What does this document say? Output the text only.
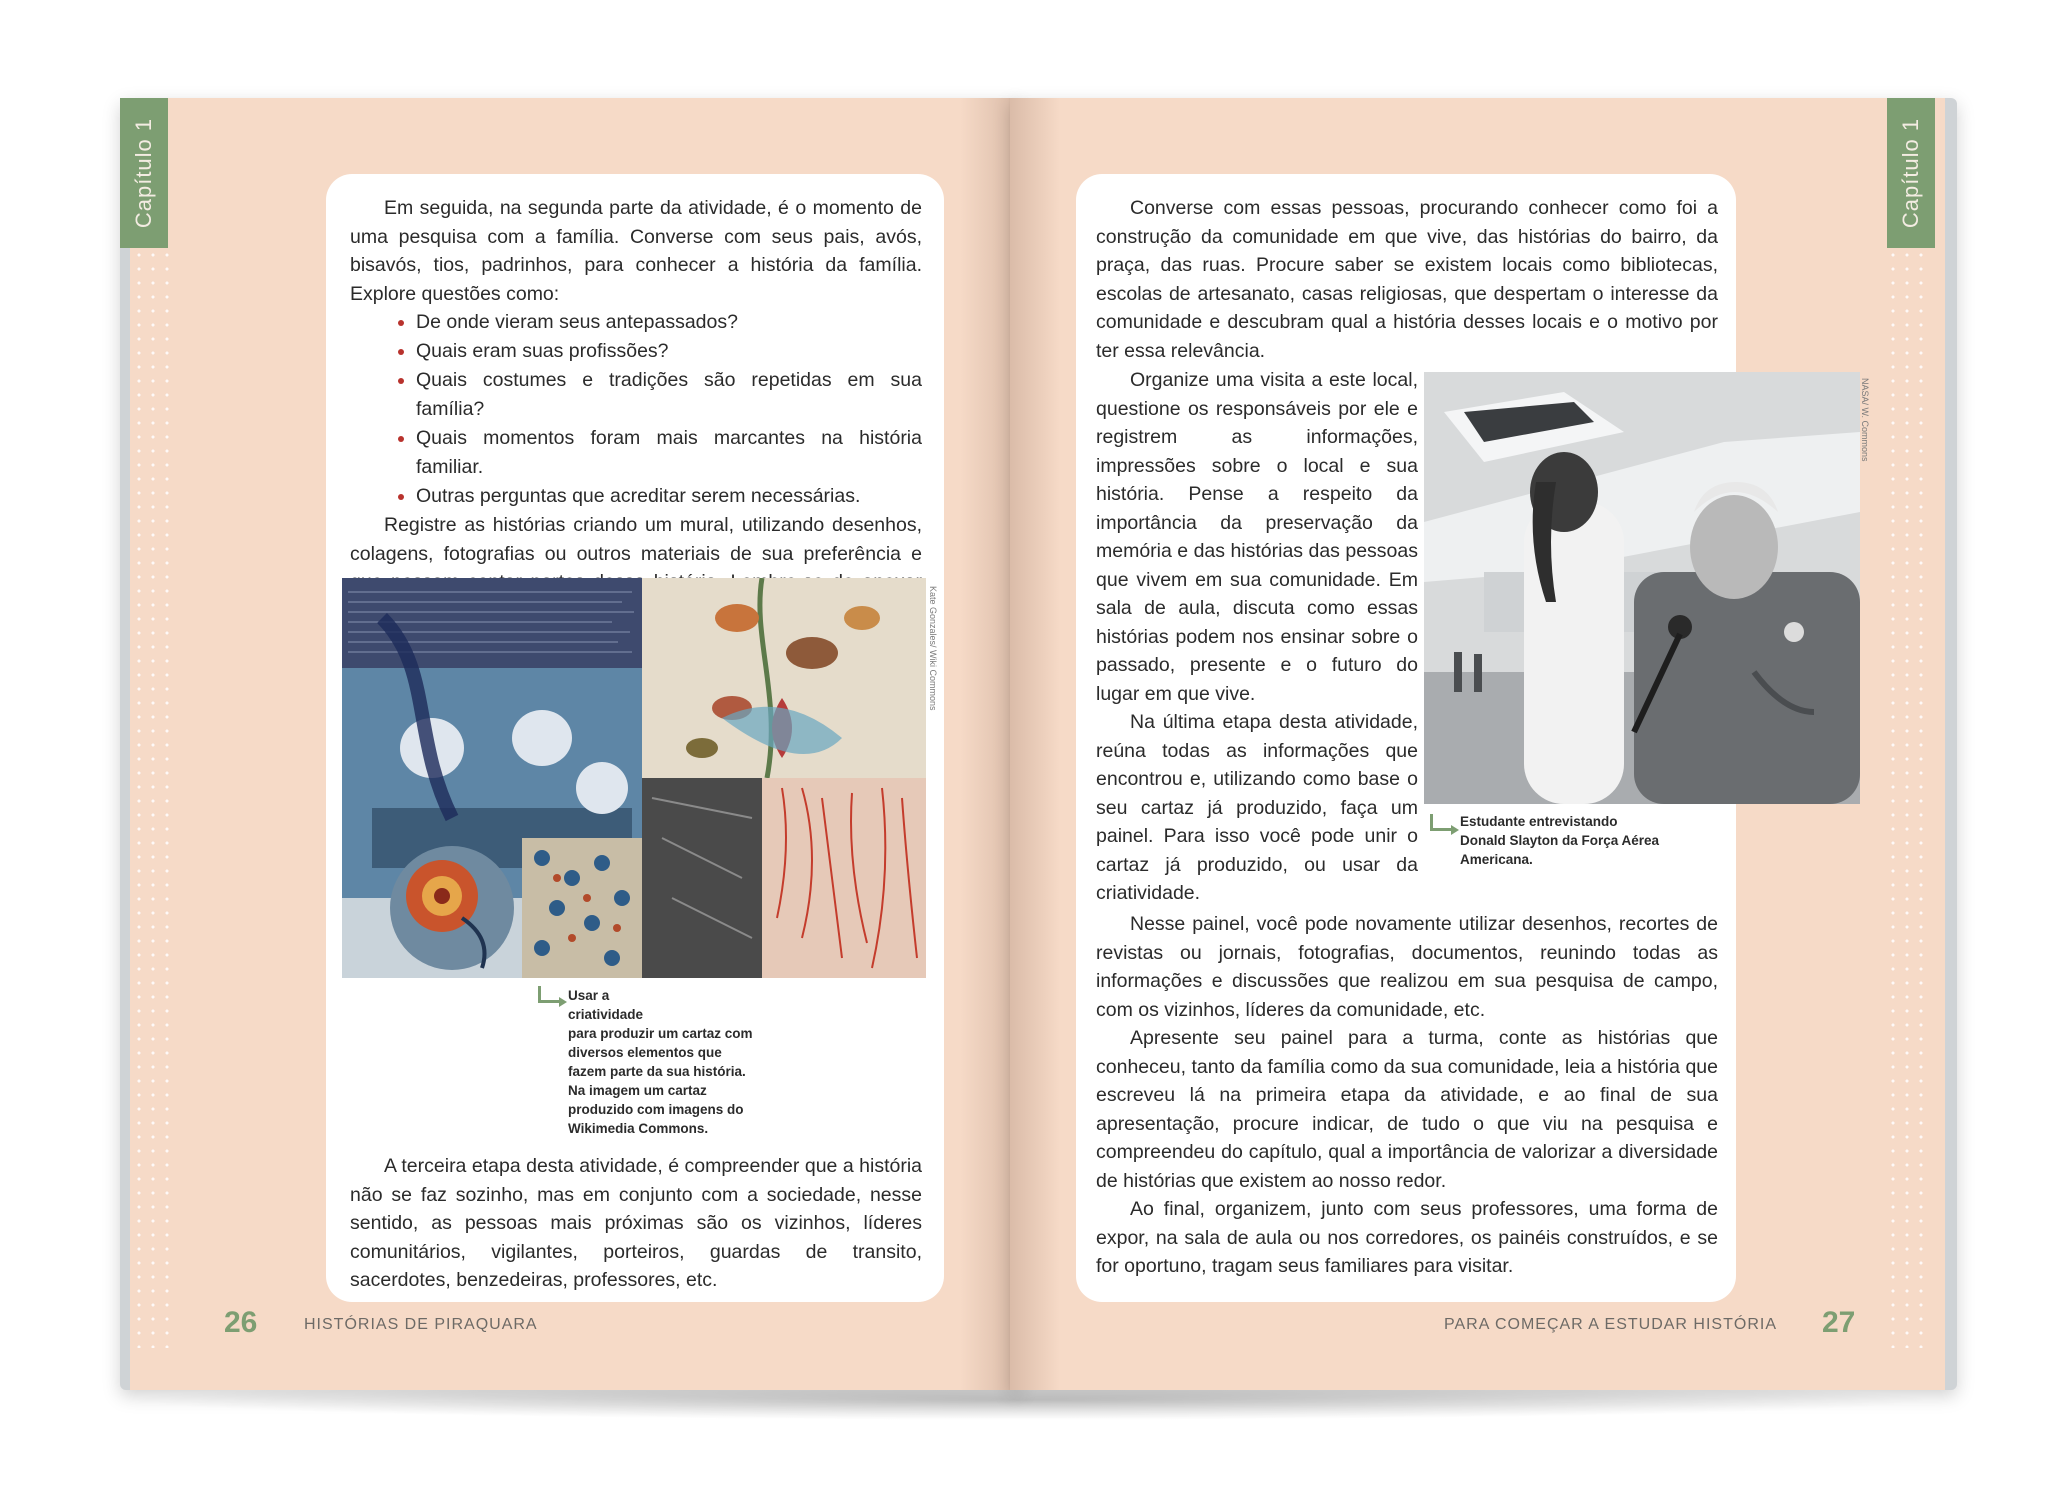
Capítulo 1	Em seguida, na segunda parte da atividade, é o momento de uma pesquisa com a família. Converse com seus pais, avós, bisavós, tios, padrinhos, para conhecer a história da família. Explore questões como:

• De onde vieram seus antepassados?
• Quais eram suas profissões?
• Quais costumes e tradições são repetidas em sua família?
• Quais momentos foram mais marcantes na história familiar.
• Outras perguntas que acreditar serem necessárias.

Registre as histórias criando um mural, utilizando desenhos, colagens, fotografias ou outros materiais de sua preferência e

Kate Gonzales/ Wiki Commons
Usar a
criatividade
para produzir um cartaz com
diversos elementos que
fazem parte da sua história.
Na imagem um cartaz
produzido com imagens do
Wikimedia Commons.

A terceira etapa desta atividade, é compreender que a história não se faz sozinho, mas em conjunto com a sociedade, nesse sentido, as pessoas mais próximas são os vizinhos, líderes comunitários, vigilantes, porteiros, guardas de transito, sacerdotes, benzedeiras, professores, etc.

26	HISTÓRIAS DE PIRAQUARA
Capítulo 1

Converse com essas pessoas, procurando conhecer como foi a construção da comunidade em que vive, das histórias do bairro, da praça, das ruas. Procure saber se existem locais como bibliotecas, escolas de artesanato, casas religiosas, que despertam o interesse da comunidade e descubram qual a história desses locais e o motivo por ter essa relevância.

Organize uma visita a este local, questione os responsáveis por ele e registrem as informações, impressões sobre o local e sua história. Pense a respeito da importância da preservação da memória e das histórias das pessoas que vivem em sua comunidade. Em sala de aula, discuta como essas histórias podem nos ensinar sobre o passado, presente e o futuro do lugar em que vive.

Na última etapa desta atividade, reúna todas as informações que encontrou e, utilizando como base o seu cartaz já produzido, faça um painel. Para isso você pode unir o cartaz já produzido, ou usar da criatividade.

NASA/ W. Commons
Estudante entrevistando
Donald Slayton da Força Aérea
Americana.

Nesse painel, você pode novamente utilizar desenhos, recortes de revistas ou jornais, fotografias, documentos, reunindo todas as informações e discussões que realizou em sua pesquisa de campo, com os vizinhos, líderes da comunidade, etc.

Apresente seu painel para a turma, conte as histórias que conheceu, tanto da família como da sua comunidade, leia a história que escreveu lá na primeira etapa da atividade, e ao final de sua apresentação, procure indicar, de tudo o que viu na pesquisa e compreendeu do capítulo, qual a importância de valorizar a diversidade de histórias que existem ao nosso redor.

Ao final, organizem, junto com seus professores, uma forma de expor, na sala de aula ou nos corredores, os painéis construídos, e se for oportuno, tragam seus familiares para visitar.

PARA COMEÇAR A ESTUDAR HISTÓRIA 27
